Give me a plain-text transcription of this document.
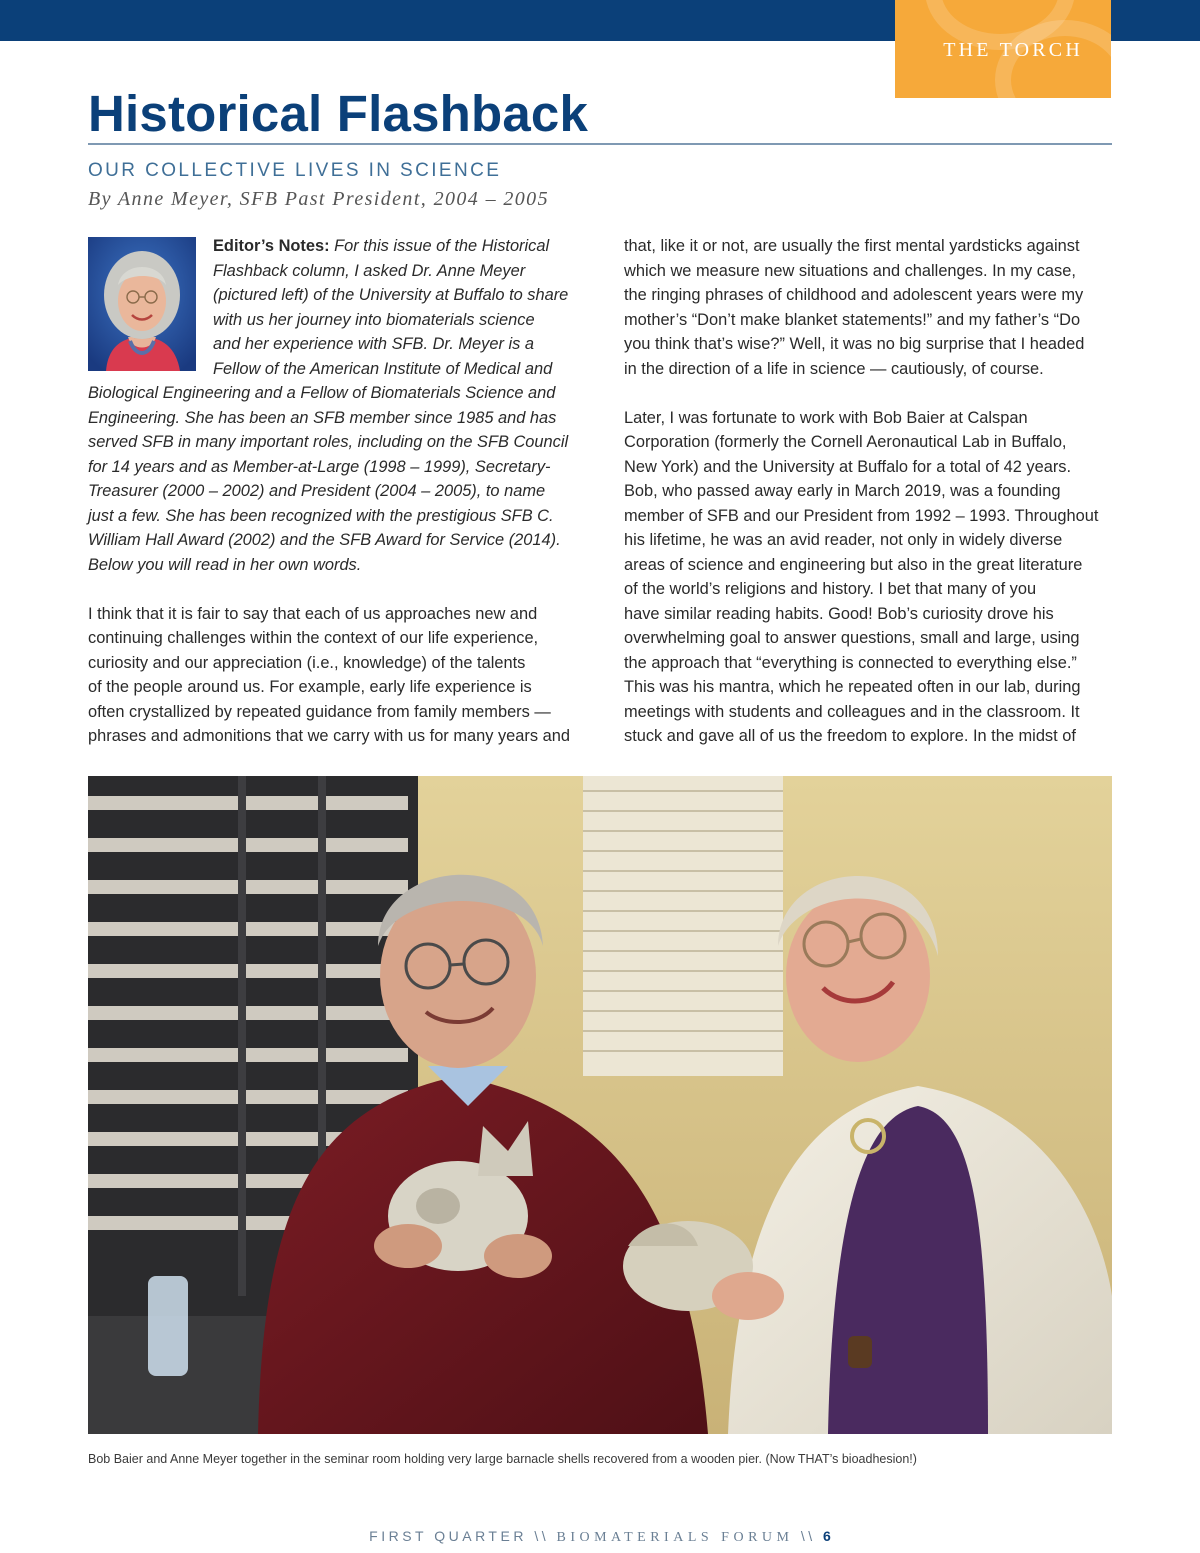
THE TORCH
Historical Flashback
OUR COLLECTIVE LIVES IN SCIENCE
By Anne Meyer, SFB Past President, 2004 – 2005
Editor’s Notes: For this issue of the Historical
Flashback column, I asked Dr. Anne Meyer
(pictured left) of the University at Buffalo to share
with us her journey into biomaterials science
and her experience with SFB. Dr. Meyer is a
Fellow of the American Institute of Medical and
Biological Engineering and a Fellow of Biomaterials Science and
Engineering. She has been an SFB member since 1985 and has
served SFB in many important roles, including on the SFB Council
for 14 years and as Member-at-Large (1998 – 1999), Secretary-
Treasurer (2000 – 2002) and President (2004 – 2005), to name
just a few. She has been recognized with the prestigious SFB C.
William Hall Award (2002) and the SFB Award for Service (2014).
Below you will read in her own words.
I think that it is fair to say that each of us approaches new and
continuing challenges within the context of our life experience,
curiosity and our appreciation (i.e., knowledge) of the talents
of the people around us. For example, early life experience is
often crystallized by repeated guidance from family members —
phrases and admonitions that we carry with us for many years and
that, like it or not, are usually the first mental yardsticks against
which we measure new situations and challenges. In my case,
the ringing phrases of childhood and adolescent years were my
mother’s “Don’t make blanket statements!” and my father’s “Do
you think that’s wise?” Well, it was no big surprise that I headed
in the direction of a life in science — cautiously, of course.
Later, I was fortunate to work with Bob Baier at Calspan
Corporation (formerly the Cornell Aeronautical Lab in Buffalo,
New York) and the University at Buffalo for a total of 42 years.
Bob, who passed away early in March 2019, was a founding
member of SFB and our President from 1992 – 1993. Throughout
his lifetime, he was an avid reader, not only in widely diverse
areas of science and engineering but also in the great literature
of the world’s religions and history. I bet that many of you
have similar reading habits. Good! Bob’s curiosity drove his
overwhelming goal to answer questions, small and large, using
the approach that “everything is connected to everything else.”
This was his mantra, which he repeated often in our lab, during
meetings with students and colleagues and in the classroom. It
stuck and gave all of us the freedom to explore. In the midst of
Bob Baier and Anne Meyer together in the seminar room holding very large barnacle shells recovered from a wooden pier. (Now THAT’s bioadhesion!)
FIRST QUARTER \\ BIOMATERIALS FORUM \\ 6
